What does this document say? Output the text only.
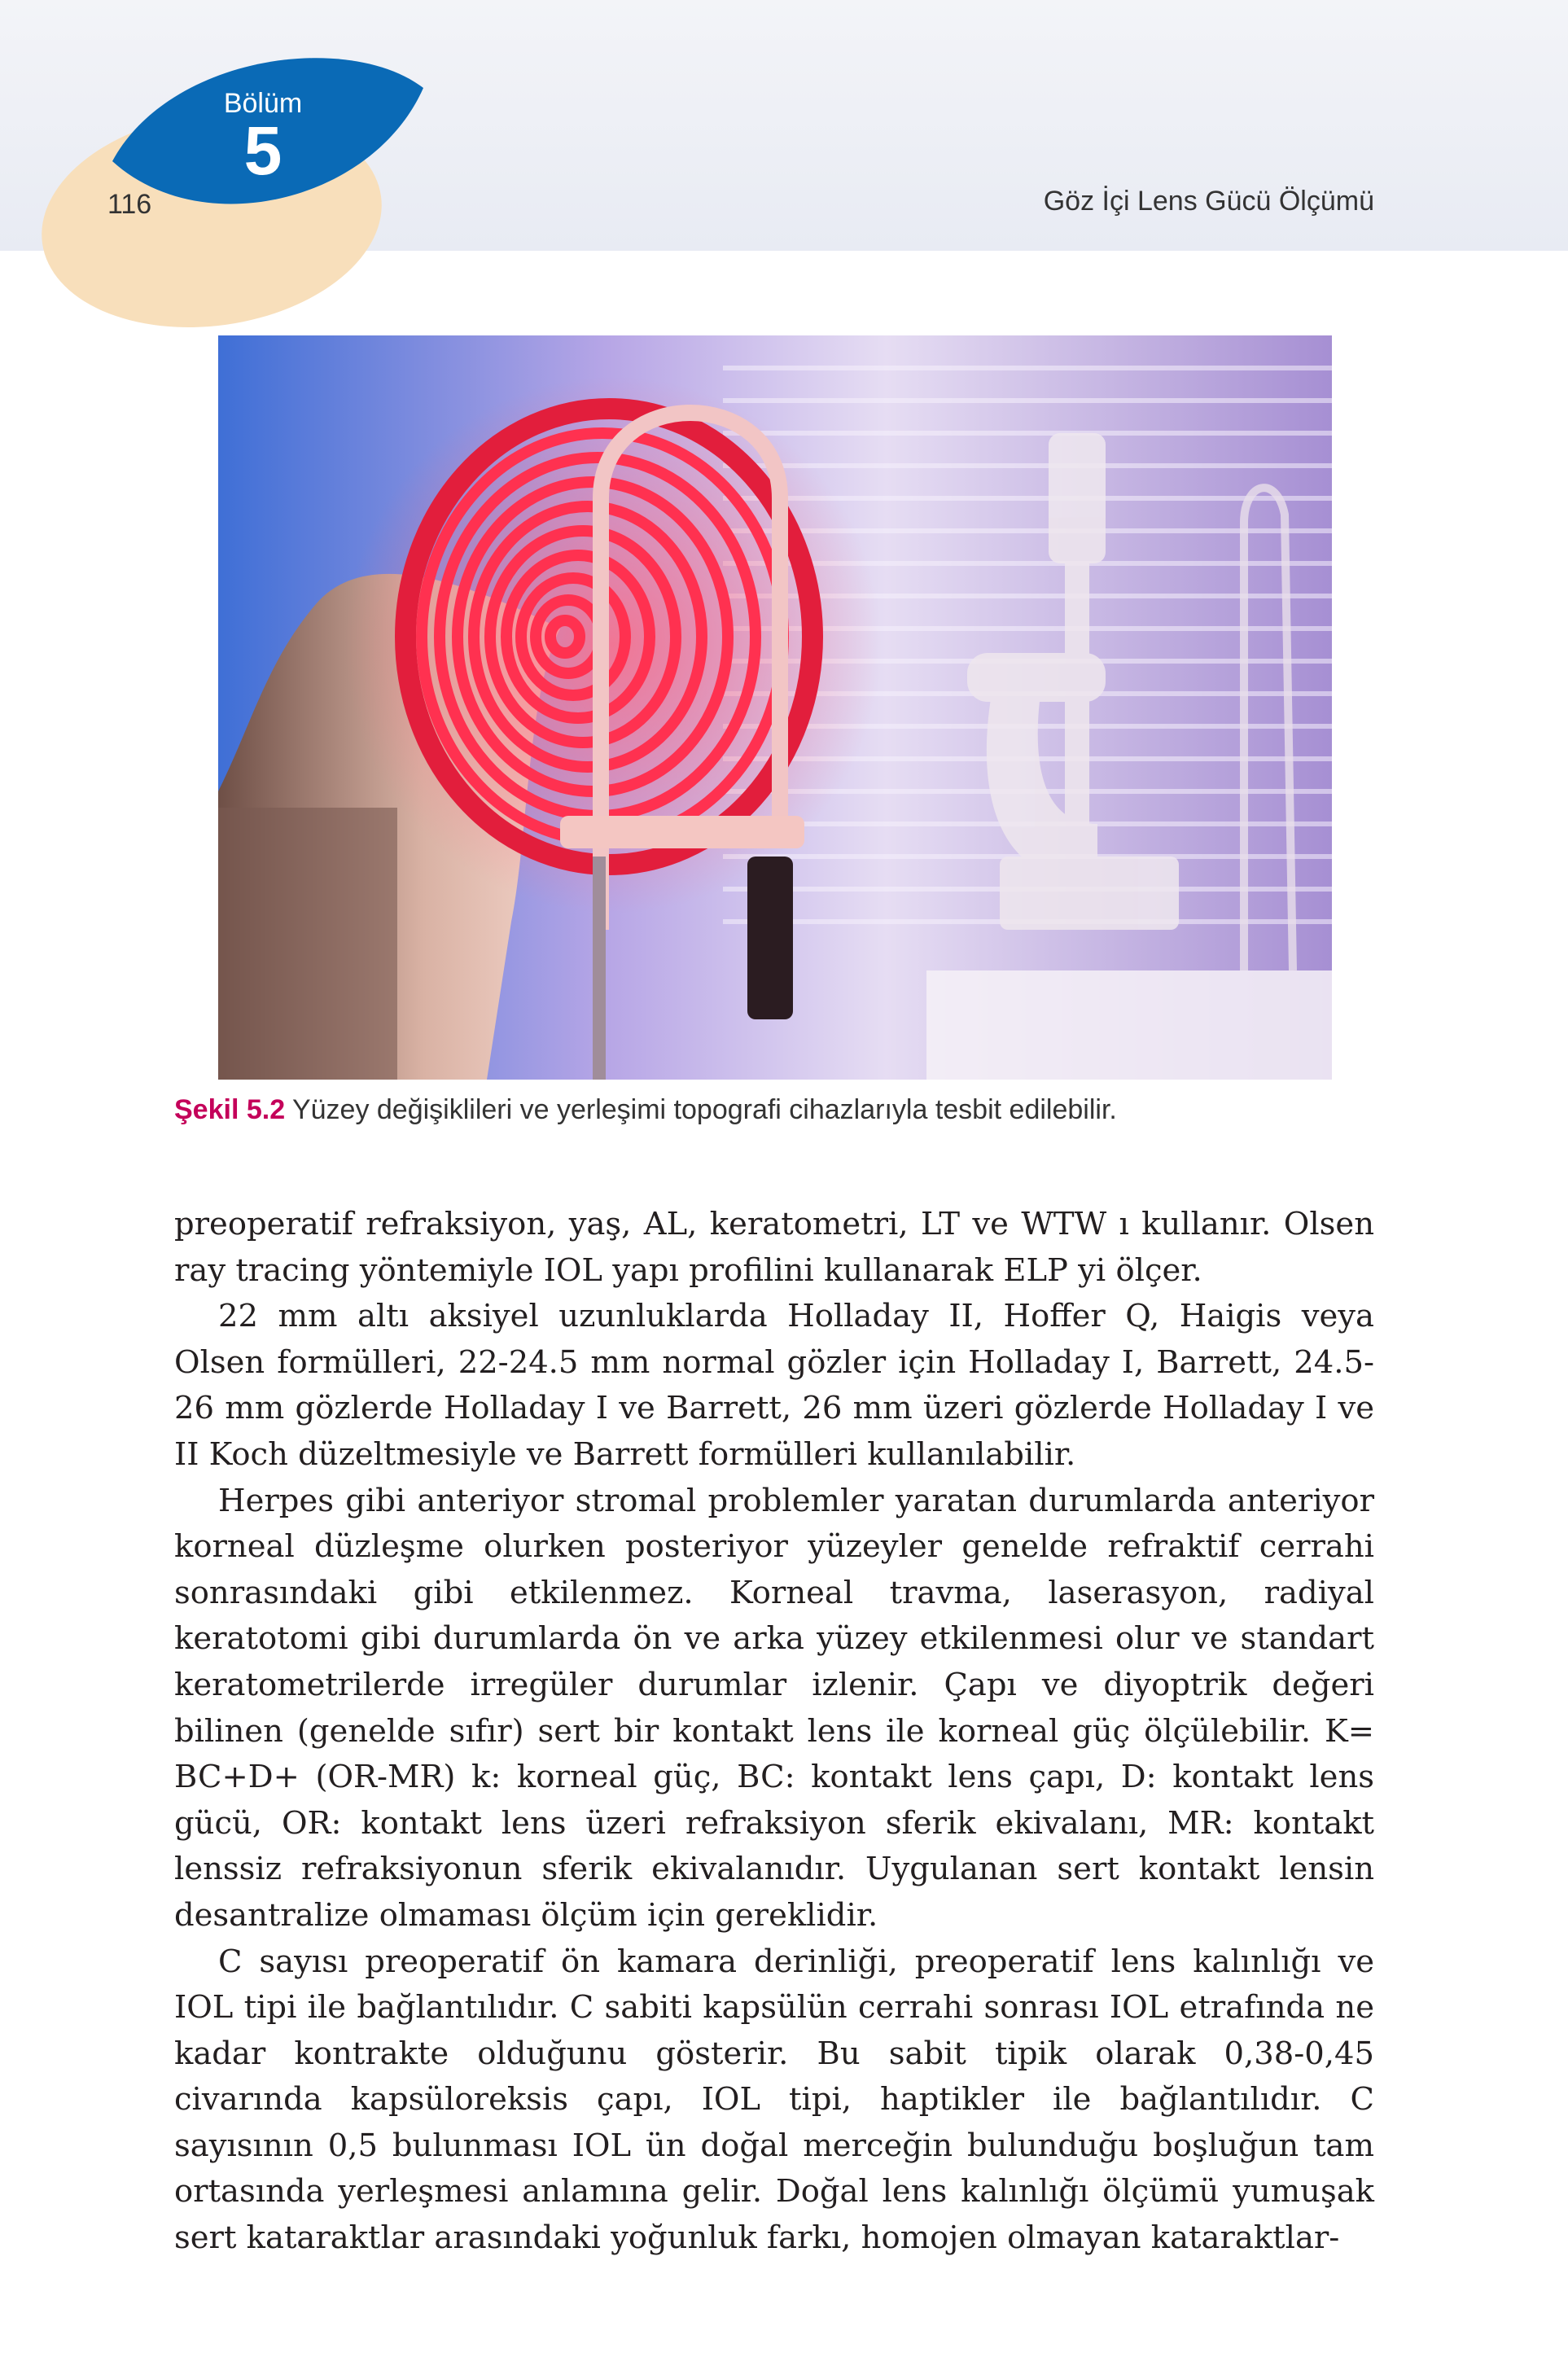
Bölüm
5
116	Göz İçi Lens Gücü Ölçümü
Şekil 5.2 Yüzey değişiklileri ve yerleşimi topografi cihazlarıyla tesbit edilebilir.

preoperatif refraksiyon, yaş, AL, keratometri, LT ve WTW ı kullanır. Olsen ray tracing yöntemiyle IOL yapı profilini kullanarak ELP yi ölçer.

22 mm altı aksiyel uzunluklarda Holladay II, Hoffer Q, Haigis veya Olsen formülleri, 22-24.5 mm normal gözler için Holladay I, Barrett, 24.5-26 mm gözlerde Holladay I ve Barrett, 26 mm üzeri gözlerde Holladay I ve II Koch düzeltmesiyle ve Barrett formülleri kullanılabilir.

Herpes gibi anteriyor stromal problemler yaratan durumlarda anteriyor korneal düzleşme olurken posteriyor yüzeyler genelde refraktif cerrahi sonrasındaki gibi etkilenmez. Korneal travma, laserasyon, radiyal keratotomi gibi durumlarda ön ve arka yüzey etkilenmesi olur ve standart keratometrilerde irregüler durumlar izlenir. Çapı ve diyoptrik değeri bilinen (genelde sıfır) sert bir kontakt lens ile korneal güç ölçülebilir. K= BC+D+ (OR-MR) k: korneal güç, BC: kontakt lens çapı, D: kontakt lens gücü, OR: kontakt lens üzeri refraksiyon sferik ekivalanı, MR: kontakt lenssiz refraksiyonun sferik ekivalanıdır. Uygulanan sert kontakt lensin desantralize olmaması ölçüm için gereklidir.

C sayısı preoperatif ön kamara derinliği, preoperatif lens kalınlığı ve IOL tipi ile bağlantılıdır. C sabiti kapsülün cerrahi sonrası IOL etrafında ne kadar kontrakte olduğunu gösterir. Bu sabit tipik olarak 0,38-0,45 civarında kapsüloreksis çapı, IOL tipi, haptikler ile bağlantılıdır. C sayısının 0,5 bulunması IOL ün doğal merceğin bulunduğu boşluğun tam ortasında yerleşmesi anlamına gelir. Doğal lens kalınlığı ölçümü yumuşak sert kataraktlar arasındaki yoğunluk farkı, homojen olmayan kataraktlar-
